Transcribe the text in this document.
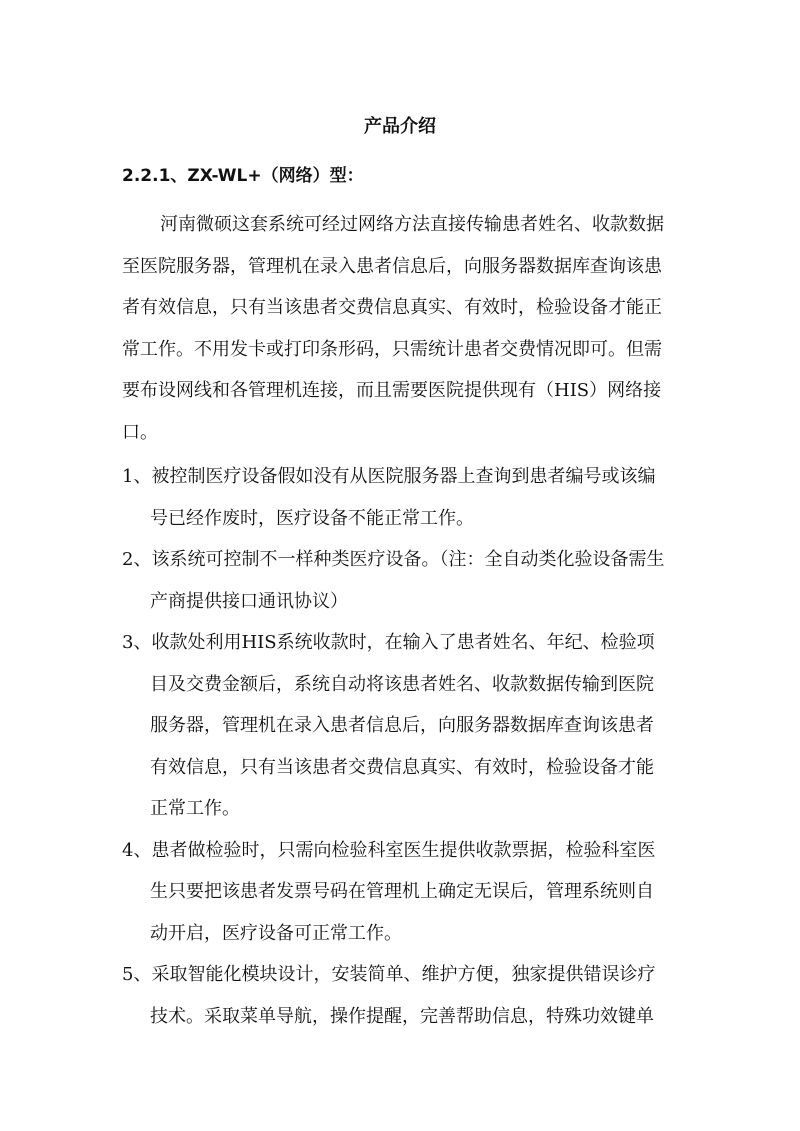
产品介绍
2.2.1、ZX-WL+（网络）型：
河南微硕这套系统可经过网络方法直接传输患者姓名、收款数据
至医院服务器，管理机在录入患者信息后，向服务器数据库查询该患
者有效信息，只有当该患者交费信息真实、有效时，检验设备才能正
常工作。不用发卡或打印条形码，只需统计患者交费情况即可。但需
要布设网线和各管理机连接，而且需要医院提供现有（HIS）网络接
口。
1、被控制医疗设备假如没有从医院服务器上查询到患者编号或该编
号已经作废时，医疗设备不能正常工作。
2、该系统可控制不一样种类医疗设备。（注：全自动类化验设备需生
产商提供接口通讯协议）
3、收款处利用HIS系统收款时，在输入了患者姓名、年纪、检验项
目及交费金额后，系统自动将该患者姓名、收款数据传输到医院
服务器，管理机在录入患者信息后，向服务器数据库查询该患者
有效信息，只有当该患者交费信息真实、有效时，检验设备才能
正常工作。
4、患者做检验时，只需向检验科室医生提供收款票据，检验科室医
生只要把该患者发票号码在管理机上确定无误后，管理系统则自
动开启，医疗设备可正常工作。
5、采取智能化模块设计，安装简单、维护方便，独家提供错误诊疗
技术。采取菜单导航，操作提醒，完善帮助信息，特殊功效键单
